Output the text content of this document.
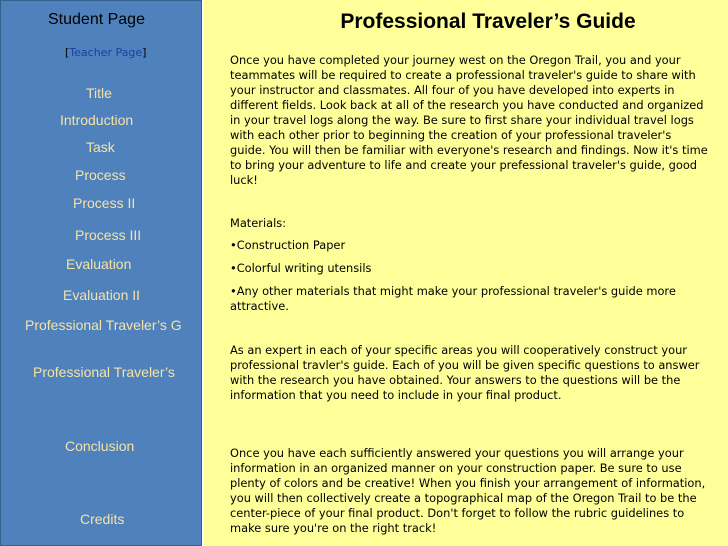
Student Page
[Teacher Page]
Title
Introduction
Task
Process
Process II
Process III
Evaluation
Evaluation II
Professional Traveler’s G
Professional Traveler’s
Conclusion
Credits
Professional Traveler’s Guide
Once you have completed your journey west on the Oregon Trail, you and your teammates will be required to create a professional traveler's guide to share with your instructor and classmates. All four of you have developed into experts in different fields. Look back at all of the research you have conducted and organized in your travel logs along the way. Be sure to first share your individual travel logs with each other prior to beginning the creation of your professional traveler's guide. You will then be familiar with everyone's research and findings. Now it's time to bring your adventure to life and create your prefessional traveler's guide, good luck!
Materials:
•Construction Paper
•Colorful writing utensils
•Any other materials that might make your professional traveler's guide more attractive.
As an expert in each of your specific areas you will cooperatively construct your professional travler's guide. Each of you will be given specific questions to answer with the research you have obtained. Your answers to the questions will be the information that you need to include in your final product.
Once you have each sufficiently answered your questions you will arrange your information in an organized manner on your construction paper. Be sure to use plenty of colors and be creative! When you finish your arrangement of information, you will then collectively create a topographical map of the Oregon Trail to be the center-piece of your final product. Don't forget to follow the rubric guidelines to make sure you're on the right track!
